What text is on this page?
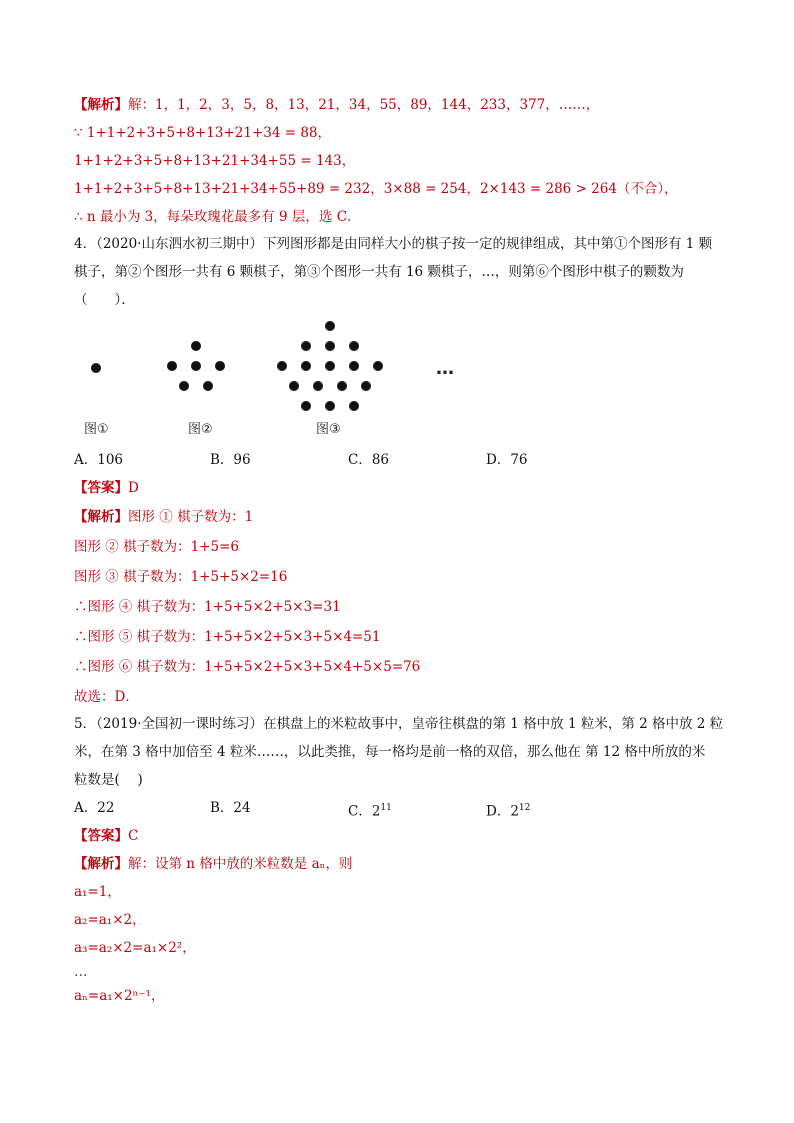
【解析】解：1，1，2，3，5，8，13，21，34，55，89，144，233，377，……，
∵ 1+1+2+3+5+8+13+21+34 = 88，
1+1+2+3+5+8+13+21+34+55 = 143，
1+1+2+3+5+8+13+21+34+55+89 = 232，3×88 = 254，2×143 = 286 > 264（不合），
∴ n 最小为 3，每朵玫瑰花最多有 9 层，选 C．
4．（2020·山东泗水初三期中）下列图形都是由同样大小的棋子按一定的规律组成，其中第①个图形有 1 颗
棋子，第②个图形一共有 6 颗棋子，第③个图形一共有 16 颗棋子，…，则第⑥个图形中棋子的颗数为
（　　）．
…
图①	图②	图③
A．106	B．96	C．86	D．76
【答案】D
【解析】图形 ① 棋子数为：1
图形 ② 棋子数为：1+5=6
图形 ③ 棋子数为：1+5+5×2=16
∴图形 ④ 棋子数为：1+5+5×2+5×3=31
∴图形 ⑤ 棋子数为：1+5+5×2+5×3+5×4=51
∴图形 ⑥ 棋子数为：1+5+5×2+5×3+5×4+5×5=76
故选：D．
5．（2019·全国初一课时练习）在棋盘上的米粒故事中，皇帝往棋盘的第 1 格中放 1 粒米，第 2 格中放 2 粒
米，在第 3 格中加倍至 4 粒米……，以此类推，每一格均是前一格的双倍，那么他在 第 12 格中所放的米
粒数是(　 )
A．22	B．24	C．$2^{11}$	D．$2^{12}$
【答案】C
【解析】解：设第 n 格中放的米粒数是 aₙ，则
a₁=1，
a₂=a₁×2，
a₃=a₂×2=a₁×2²，
…
aₙ=a₁×2ⁿ⁻¹，
